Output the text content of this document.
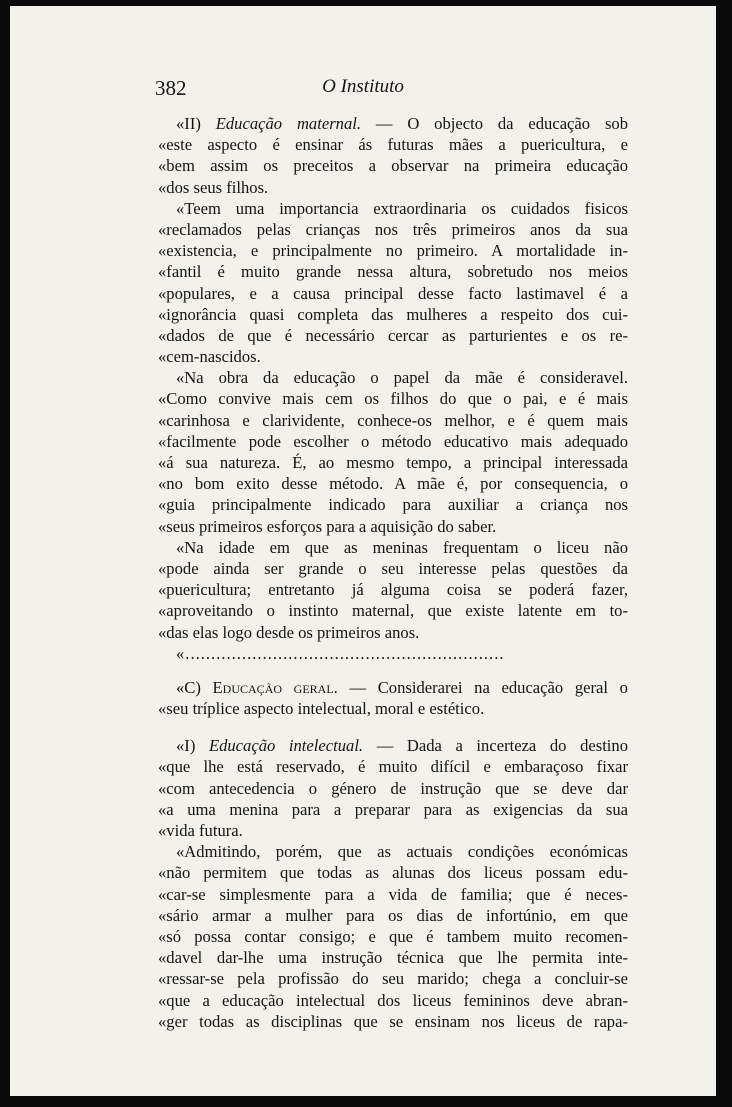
382	O Instituto
«II) Educação maternal. — O objecto da educação sob
«este aspecto é ensinar ás futuras mães a puericultura, e
«bem assim os preceitos a observar na primeira educação
«dos seus filhos.
«Teem uma importancia extraordinaria os cuidados fisicos
«reclamados pelas crianças nos três primeiros anos da sua
«existencia, e principalmente no primeiro. A mortalidade in-
«fantil é muito grande nessa altura, sobretudo nos meios
«populares, e a causa principal desse facto lastimavel é a
«ignorância quasi completa das mulheres a respeito dos cui-
«dados de que é necessário cercar as parturientes e os re-
«cem-nascidos.
«Na obra da educação o papel da mãe é consideravel.
«Como convive mais cem os filhos do que o pai, e é mais
«carinhosa e clarividente, conhece-os melhor, e é quem mais
«facilmente pode escolher o método educativo mais adequado
«á sua natureza. É, ao mesmo tempo, a principal interessada
«no bom exito desse método. A mãe é, por consequencia, o
«guia principalmente indicado para auxiliar a criança nos
«seus primeiros esforços para a aquisição do saber.
«Na idade em que as meninas frequentam o liceu não
«pode ainda ser grande o seu interesse pelas questões da
«puericultura; entretanto já alguma coisa se poderá fazer,
«aproveitando o instinto maternal, que existe latente em to-
«das elas logo desde os primeiros anos.
«..............................................................
«C) Educação geral. — Considerarei na educação geral o
«seu tríplice aspecto intelectual, moral e estético.
«I) Educação intelectual. — Dada a incerteza do destino
«que lhe está reservado, é muito difícil e embaraçoso fixar
«com antecedencia o género de instrução que se deve dar
«a uma menina para a preparar para as exigencias da sua
«vida futura.
«Admitindo, porém, que as actuais condições económicas
«não permitem que todas as alunas dos liceus possam edu-
«car-se simplesmente para a vida de familia; que é neces-
«sário armar a mulher para os dias de infortúnio, em que
«só possa contar consigo; e que é tambem muito recomen-
«davel dar-lhe uma instrução técnica que lhe permita inte-
«ressar-se pela profissão do seu marido; chega a concluir-se
«que a educação intelectual dos liceus femininos deve abran-
«ger todas as disciplinas que se ensinam nos liceus de rapa-
